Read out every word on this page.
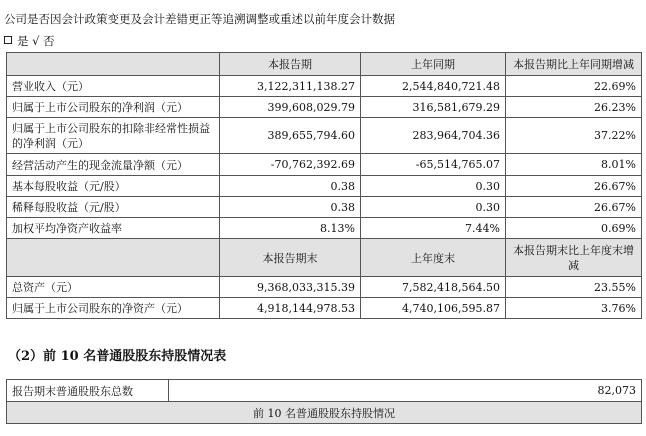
公司是否因会计政策变更及会计差错更正等追溯调整或重述以前年度会计数据
是 √ 否
	本报告期	上年同期	本报告期比上年同期增减
营业收入（元）	3,122,311,138.27	2,544,840,721.48	22.69%
归属于上市公司股东的净利润（元）	399,608,029.79	316,581,679.29	26.23%
归属于上市公司股东的扣除非经常性损益的净利润（元）	389,655,794.60	283,964,704.36	37.22%
经营活动产生的现金流量净额（元）	-70,762,392.69	-65,514,765.07	8.01%
基本每股收益（元/股）	0.38	0.30	26.67%
稀释每股收益（元/股）	0.38	0.30	26.67%
加权平均净资产收益率	8.13%	7.44%	0.69%
	本报告期末	上年度末	本报告期末比上年度末增减
总资产（元）	9,368,033,315.39	7,582,418,564.50	23.55%
归属于上市公司股东的净资产（元）	4,918,144,978.53	4,740,106,595.87	3.76%
（2）前 10 名普通股股东持股情况表
报告期末普通股股东总数	82,073
前 10 名普通股股东持股情况
